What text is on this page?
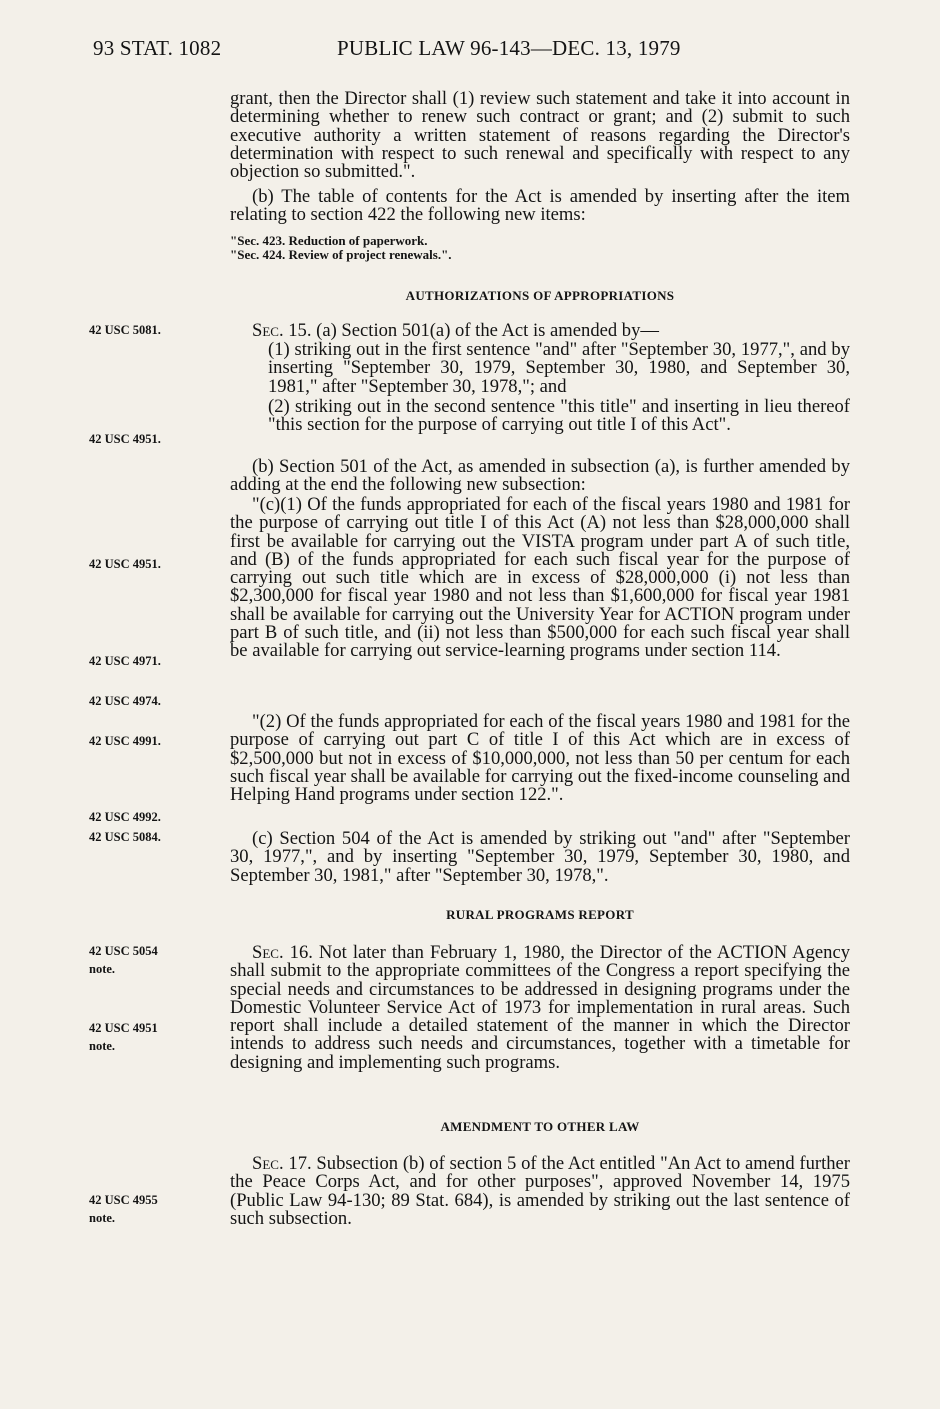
93 STAT. 1082	PUBLIC LAW 96-143—DEC. 13, 1979
42 USC 5081.
42 USC 4951.
42 USC 4951.
42 USC 4971.
42 USC 4974.
42 USC 4991.
42 USC 4992.
42 USC 5084.
42 USC 5054
note.
42 USC 4951
note.
42 USC 4955
note.
grant, then the Director shall (1) review such statement and take it into account in determining whether to renew such contract or grant; and (2) submit to such executive authority a written statement of reasons regarding the Director's determination with respect to such renewal and specifically with respect to any objection so submitted.".
(b) The table of contents for the Act is amended by inserting after the item relating to section 422 the following new items:
"Sec. 423. Reduction of paperwork.
"Sec. 424. Review of project renewals.".
AUTHORIZATIONS OF APPROPRIATIONS
Sec. 15. (a) Section 501(a) of the Act is amended by—
(1) striking out in the first sentence "and" after "September 30, 1977,", and by inserting "September 30, 1979, September 30, 1980, and September 30, 1981," after "September 30, 1978,"; and
(2) striking out in the second sentence "this title" and inserting in lieu thereof "this section for the purpose of carrying out title I of this Act".
(b) Section 501 of the Act, as amended in subsection (a), is further amended by adding at the end the following new subsection:
"(c)(1) Of the funds appropriated for each of the fiscal years 1980 and 1981 for the purpose of carrying out title I of this Act (A) not less than $28,000,000 shall first be available for carrying out the VISTA program under part A of such title, and (B) of the funds appropriated for each such fiscal year for the purpose of carrying out such title which are in excess of $28,000,000 (i) not less than $2,300,000 for fiscal year 1980 and not less than $1,600,000 for fiscal year 1981 shall be available for carrying out the University Year for ACTION program under part B of such title, and (ii) not less than $500,000 for each such fiscal year shall be available for carrying out service-learning programs under section 114.
"(2) Of the funds appropriated for each of the fiscal years 1980 and 1981 for the purpose of carrying out part C of title I of this Act which are in excess of $2,500,000 but not in excess of $10,000,000, not less than 50 per centum for each such fiscal year shall be available for carrying out the fixed-income counseling and Helping Hand programs under section 122.".
(c) Section 504 of the Act is amended by striking out "and" after "September 30, 1977,", and by inserting "September 30, 1979, September 30, 1980, and September 30, 1981," after "September 30, 1978,".
RURAL PROGRAMS REPORT
Sec. 16. Not later than February 1, 1980, the Director of the ACTION Agency shall submit to the appropriate committees of the Congress a report specifying the special needs and circumstances to be addressed in designing programs under the Domestic Volunteer Service Act of 1973 for implementation in rural areas. Such report shall include a detailed statement of the manner in which the Director intends to address such needs and circumstances, together with a timetable for designing and implementing such programs.
AMENDMENT TO OTHER LAW
Sec. 17. Subsection (b) of section 5 of the Act entitled "An Act to amend further the Peace Corps Act, and for other purposes", approved November 14, 1975 (Public Law 94-130; 89 Stat. 684), is amended by striking out the last sentence of such subsection.
